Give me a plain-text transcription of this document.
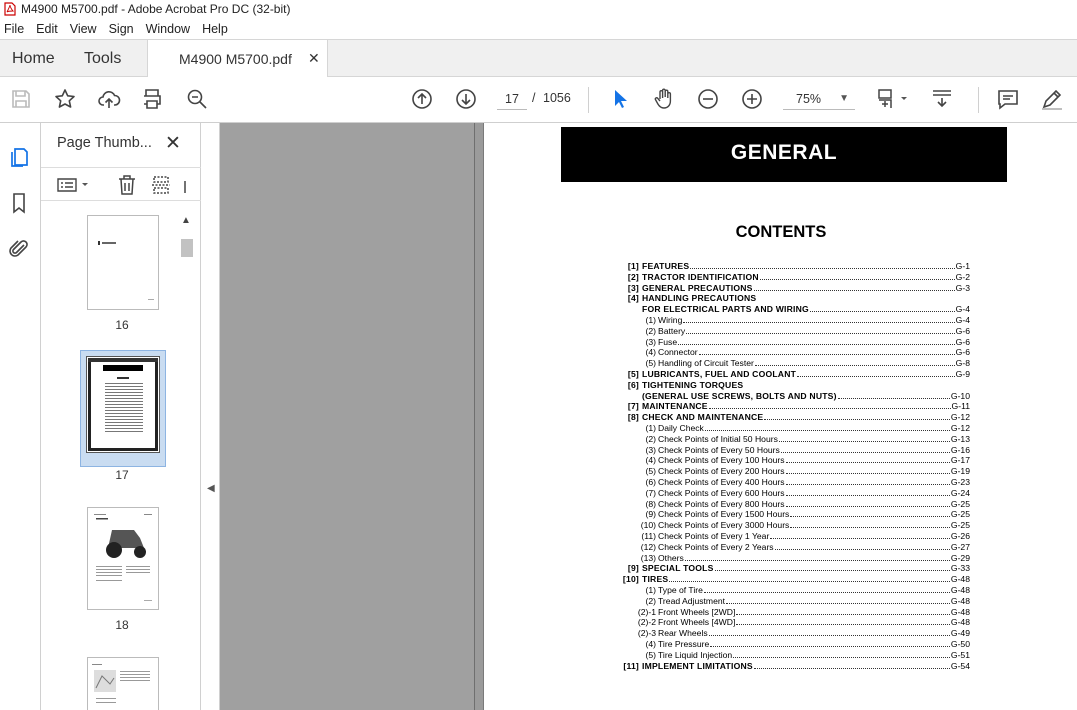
M4900 M5700.pdf - Adobe Acrobat Pro DC (32-bit)
File Edit View Sign Window Help
Home Tools	M4900 M5700.pdf ✕
17	/ 1056	75% ▼
Page Thumb... ✕
16
17
18
▲
◀
GENERAL
CONTENTS
[1] FEATURES	G-1
[2] TRACTOR IDENTIFICATION	G-2
[3] GENERAL PRECAUTIONS	G-3
[4] HANDLING PRECAUTIONS
FOR ELECTRICAL PARTS AND WIRING	G-4
(1) Wiring	G-4
(2) Battery	G-6
(3) Fuse	G-6
(4) Connector	G-6
(5) Handling of Circuit Tester	G-8
[5] LUBRICANTS, FUEL AND COOLANT	G-9
[6] TIGHTENING TORQUES
(GENERAL USE SCREWS, BOLTS AND NUTS)	G-10
[7] MAINTENANCE	G-11
[8] CHECK AND MAINTENANCE	G-12
(1) Daily Check	G-12
(2) Check Points of Initial 50 Hours	G-13
(3) Check Points of Every 50 Hours	G-16
(4) Check Points of Every 100 Hours	G-17
(5) Check Points of Every 200 Hours	G-19
(6) Check Points of Every 400 Hours	G-23
(7) Check Points of Every 600 Hours	G-24
(8) Check Points of Every 800 Hours	G-25
(9) Check Points of Every 1500 Hours	G-25
(10) Check Points of Every 3000 Hours	G-25
(11) Check Points of Every 1 Year	G-26
(12) Check Points of Every 2 Years	G-27
(13) Others	G-29
[9] SPECIAL TOOLS	G-33
[10] TIRES	G-48
(1) Type of Tire	G-48
(2) Tread Adjustment	G-48
(2)-1 Front Wheels [2WD]	G-48
(2)-2 Front Wheels [4WD]	G-48
(2)-3 Rear Wheels	G-49
(4) Tire Pressure	G-50
(5) Tire Liquid Injection	G-51
[11] IMPLEMENT LIMITATIONS	G-54
